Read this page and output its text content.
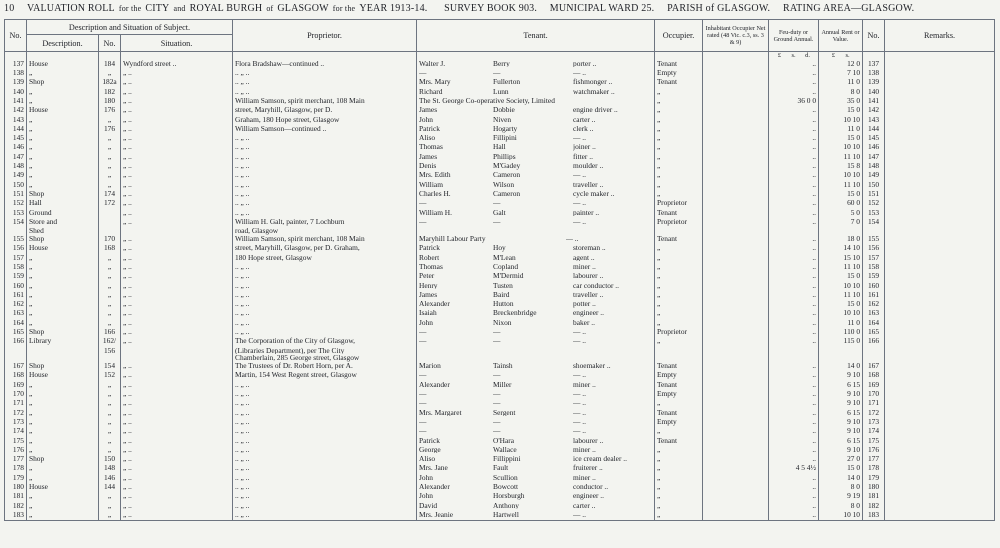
10 VALUATION ROLL for the CITY and ROYAL BURGH of GLASGOW for the YEAR 1913-14. SURVEY BOOK 903. MUNICIPAL WARD 25. PARISH of GLASGOW. RATING AREA—GLASGOW.
No.	Description and Situation of Subject.			Proprietor.	Tenant.	Occupier.	Inhabitant Occupier Net rated (48 Vic. c.3, ss. 3 & 9)	Feu-duty or Ground Annual.	Annual Rent or Value.	No.	Remarks.
	Description.	No.	Situation.								
								£ s. d.	£ s.		
137	House	184	Wyndford street ..	Flora Bradshaw—continued ..	Walter J. Berry porter ..	Tenant		..	12 0	137	
138	„	„	„ ..	.. „ ..	— — — ..	Empty		..	7 10	138	
139	Shop	182a	„ ..	.. „ ..	Mrs. Mary Fullerton fishmonger ..	Tenant		..	11 0	139	
140	„	182	„ ..	.. „ ..	Richard Lunn watchmaker ..	„		..	8 0	140	
141	„	180	„ ..	William Samson, spirit merchant, 108 Main	The St. George Co-operative Society, Limited	„		36 0 0	35 0	141	
142	House	176	„ ..	street, Maryhill, Glasgow, per D.	James Dobbie engine driver ..	„		..	15 0	142	
143	„	„	„ ..	Graham, 180 Hope street, Glasgow	John Niven carter ..	„		..	10 10	143	
144	„	176	„ ..	William Samson—continued ..	Patrick Hogarty clerk ..	„		..	11 0	144	
145	„	„	„ ..	.. „ ..	Aliso Fillipini — ..	„		..	15 0	145	
146	„	„	„ ..	.. „ ..	Thomas Hall joiner ..	„		..	10 10	146	
147	„	„	„ ..	.. „ ..	James Phillips fitter ..	„		..	11 10	147	
148	„	„	„ ..	.. „ ..	Denis M'Gadey moulder ..	„		..	15 8	148	
149	„	„	„ ..	.. „ ..	Mrs. Edith Cameron — ..	„		..	10 10	149	
150	„	„	„ ..	.. „ ..	William Wilson traveller ..	„		..	11 10	150	
151	Shop	174	„ ..	.. „ ..	Charles H. Cameron cycle maker ..	„		..	15 0	151	
152	Hall	172	„ ..	.. „ ..	— — — ..	Proprietor		..	60 0	152	
153	Ground		„ ..	.. „ ..	William H. Galt painter ..	Tenant		..	5 0	153	
154	Store and		„ ..	William H. Galt, painter, 7 Lochburn	— — — ..	Proprietor		..	7 0	154	
	Shed			road, Glasgow							
155	Shop	170	„ ..	William Samson, spirit merchant, 108 Main	Maryhill Labour Party — ..	Tenant		..	18 0	155	
156	House	168	„ ..	street, Maryhill, Glasgow, per D. Graham,	Patrick Hoy storeman ..	„		..	14 10	156	
157	„	„	„ ..	180 Hope street, Glasgow	Robert M'Lean agent ..	„		..	15 10	157	
158	„	„	„ ..	.. „ ..	Thomas Copland miner ..	„		..	11 10	158	
159	„	„	„ ..	.. „ ..	Peter M'Dermid labourer ..	„		..	15 0	159	
160	„	„	„ ..	.. „ ..	Henry Tusten car conductor ..	„		..	10 10	160	
161	„	„	„ ..	.. „ ..	James Baird traveller ..	„		..	11 10	161	
162	„	„	„ ..	.. „ ..	Alexander Hutton potter ..	„		..	15 0	162	
163	„	„	„ ..	.. „ ..	Isaiah Breckenbridge engineer ..	„		..	10 10	163	
164	„	„	„ ..	.. „ ..	John Nixon baker ..	„		..	11 0	164	
165	Shop	166	„ ..	.. „ ..	— — — ..	Proprietor		..	110 0	165	
166	Library	162/	„ ..	The Corporation of the City of Glasgow,	— — — ..	„		..	115 0	166	
		156		(Libraries Department), per The City							
				Chamberlain, 285 George street, Glasgow							
167	Shop	154	„ ..	The Trustees of Dr. Robert Horn, per A.	Marion Tainsh shoemaker ..	Tenant		..	14 0	167	
168	House	152	„ ..	Martin, 154 West Regent street, Glasgow	— — — ..	Empty		..	9 10	168	
169	„	„	„ ..	.. „ ..	Alexander Miller miner ..	Tenant		..	6 15	169	
170	„	„	„ ..	.. „ ..	— — — ..	Empty		..	9 10	170	
171	„	„	„ ..	.. „ ..	— — — ..	„		..	9 10	171	
172	„	„	„ ..	.. „ ..	Mrs. Margaret Sergent — ..	Tenant		..	6 15	172	
173	„	„	„ ..	.. „ ..	— — — ..	Empty		..	9 10	173	
174	„	„	„ ..	.. „ ..	— — — ..	„		..	9 10	174	
175	„	„	„ ..	.. „ ..	Patrick O'Hara labourer ..	Tenant		..	6 15	175	
176	„	„	„ ..	.. „ ..	George Wallace miner ..	„		..	9 10	176	
177	Shop	150	„ ..	.. „ ..	Aliso Fillippini ice cream dealer ..	„		..	27 0	177	
178	„	148	„ ..	.. „ ..	Mrs. Jane Fault fruiterer ..	„		4 5 4½	15 0	178	
179	„	146	„ ..	.. „ ..	John Scullion miner ..	„		..	14 0	179	
180	House	144	„ ..	.. „ ..	Alexander Bowcott conductor ..	„		..	8 0	180	
181	„	„	„ ..	.. „ ..	John Horsburgh engineer ..	„		..	9 19	181	
182	„	„	„ ..	.. „ ..	David Anthony carter ..	„		..	8 0	182	
183	„	„	„ ..	.. „ ..	Mrs. Jeanie Hartwell — ..	„		..	10 10	183	
